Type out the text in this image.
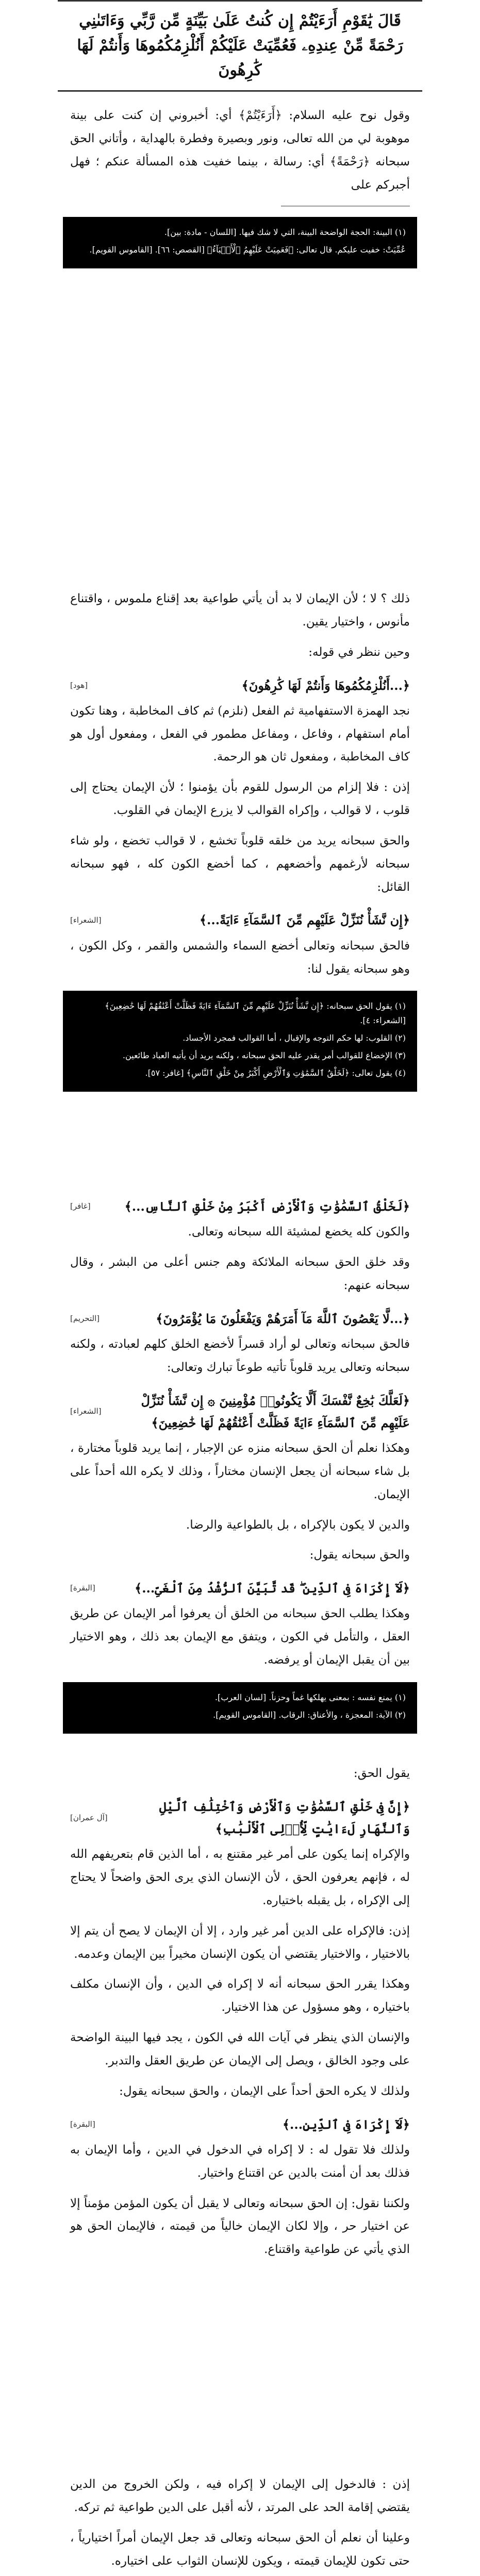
قَالَ يَٰقَوْمِ أَرَءَيْتُمْ إِن كُنتُ عَلَىٰ بَيِّنَةٍ مِّن رَّبِّي وَءَاتَىٰنِي رَحْمَةً مِّنْ عِندِهِۦ فَعُمِّيَتْ عَلَيْكُمْ أَنُلْزِمُكُمُوهَا وَأَنتُمْ لَهَا كَٰرِهُونَ

وقول نوح عليه السلام: ﴿أَرَءَيْتُمْ﴾ أي: أخبروني إن كنت على بينة موهوبة لي من الله تعالى، ونور وبصيرة وفطرة بالهداية ، وأتاني الحق سبحانه ﴿رَحْمَةً﴾ أي: رسالة ، بينما خفيت هذه المسألة عنكم ؛ فهل أجبركم على

(١) البينة: الحجة الواضحة البينة، التي لا شك فيها. [اللسان - مادة: بين].

عُمِّيَتْ: خفيت عليكم. قال تعالى: ﴿فَعَمِيَتْ عَلَيْهِمُ ٱلْأَنۢبَآءُ﴾ [القصص: ٦٦]. [القاموس القويم].

ذلك ؟ لا ؛ لأن الإيمان لا بد أن يأتي طواعية بعد إقناع ملموس ، واقتناع مأنوس ، واختيار يقين.

وحين ننظر في قوله:

﴿...أَنُلْزِمُكُمُوهَا وَأَنتُمْ لَهَا كَٰرِهُونَ﴾
[هود]

نجد الهمزة الاستفهامية ثم الفعل (نلزم) ثم كاف المخاطبة ، وهنا تكون أمام استفهام ، وفاعل ، ومفاعل مطمور في الفعل ، ومفعول أول هو كاف المخاطبة ، ومفعول ثان هو الرحمة.

إذن : فلا إلزام من الرسول للقوم بأن يؤمنوا ؛ لأن الإيمان يحتاج إلى قلوب ، لا قوالب ، وإكراه القوالب لا يزرع الإيمان في القلوب.

والحق سبحانه يريد من خلقه قلوباً تخشع ، لا قوالب تخضع ، ولو شاء سبحانه لأرغمهم وأخضعهم ، كما أخضع الكون كله ، فهو سبحانه القائل:

﴿إِن نَّشَأْ نُنَزِّلْ عَلَيْهِم مِّنَ ٱلسَّمَآءِ ءَايَةً...﴾
[الشعراء]

فالحق سبحانه وتعالى أخضع السماء والشمس والقمر ، وكل الكون ، وهو سبحانه يقول لنا:

(١) يقول الحق سبحانه: ﴿إِن نَّشَأْ نُنَزِّلْ عَلَيْهِم مِّنَ ٱلسَّمَآءِ ءَايَةً فَظَلَّتْ أَعْنَٰقُهُمْ لَهَا خَٰضِعِينَ﴾ [الشعراء: ٤].

(٢) القلوب: لها حكم التوجه والإقبال ، أما القوالب فمجرد الأجساد.

(٣) الإخضاع للقوالب أمر يقدر عليه الحق سبحانه ، ولكنه يريد أن يأتيه العباد طائعين.

(٤) يقول تعالى: ﴿لَخَلْقُ ٱلسَّمَٰوَٰتِ وَٱلْأَرْضِ أَكْبَرُ مِنْ خَلْقِ ٱلنَّاسِ﴾ [غافر: ٥٧].

﴿لَخَلْقُ ٱلسَّمَٰوَٰتِ وَٱلْأَرْضِ أَكْبَرُ مِنْ خَلْقِ ٱلنَّاسِ...﴾
[غافر]

والكون كله يخضع لمشيئة الله سبحانه وتعالى.

وقد خلق الحق سبحانه الملائكة وهم جنس أعلى من البشر ، وقال سبحانه عنهم:

﴿...لَّا يَعْصُونَ ٱللَّهَ مَآ أَمَرَهُمْ وَيَفْعَلُونَ مَا يُؤْمَرُونَ﴾
[التحريم]

فالحق سبحانه وتعالى لو أراد قسراً لأخضع الخلق كلهم لعبادته ، ولكنه سبحانه وتعالى يريد قلوباً تأتيه طوعاً تبارك وتعالى:

﴿لَعَلَّكَ بَٰخِعٌ نَّفْسَكَ أَلَّا يَكُونُوا۟ مُؤْمِنِينَ ۞ إِن نَّشَأْ نُنَزِّلْ عَلَيْهِم مِّنَ ٱلسَّمَآءِ ءَايَةً فَظَلَّتْ أَعْنَٰقُهُمْ لَهَا خَٰضِعِينَ﴾
[الشعراء]

وهكذا نعلم أن الحق سبحانه منزه عن الإجبار ، إنما يريد قلوباً مختارة ، بل شاء سبحانه أن يجعل الإنسان مختاراً ، وذلك لا يكره الله أحداً على الإيمان.

والدين لا يكون بالإكراه ، بل بالطواعية والرضا.

والحق سبحانه يقول:

﴿لَآ إِكْرَاهَ فِى ٱلدِّينِ ۖ قَد تَّبَيَّنَ ٱلرُّشْدُ مِنَ ٱلْغَىِّ...﴾
[البقرة]

وهكذا يطلب الحق سبحانه من الخلق أن يعرفوا أمر الإيمان عن طريق العقل ، والتأمل في الكون ، ويتفق مع الإيمان بعد ذلك ، وهو الاختيار بين أن يقبل الإيمان أو يرفضه.

(١) يمنع نفسه : بمعنى يهلكها غماً وحزناً. [لسان العرب].

(٢) الآية: المعجزة ، والأعناق: الرقاب. [القاموس القويم].

يقول الحق:

﴿إِنَّ فِى خَلْقِ ٱلسَّمَٰوَٰتِ وَٱلْأَرْضِ وَٱخْتِلَٰفِ ٱلَّيْلِ وَٱلنَّهَارِ لَءَايَٰتٍ لِّأُو۟لِى ٱلْأَلْبَٰبِ﴾
[آل عمران]

والإكراه إنما يكون على أمر غير مقتنع به ، أما الذين قام بتعريفهم الله له ، فإنهم يعرفون الحق ، لأن الإنسان الذي يرى الحق واضحاً لا يحتاج إلى الإكراه ، بل يقبله باختياره.

إذن: فالإكراه على الدين أمر غير وارد ، إلا أن الإيمان لا يصح أن يتم إلا بالاختيار ، والاختيار يقتضي أن يكون الإنسان مخيراً بين الإيمان وعدمه.

وهكذا يقرر الحق سبحانه أنه لا إكراه في الدين ، وأن الإنسان مكلف باختياره ، وهو مسؤول عن هذا الاختيار.

والإنسان الذي ينظر في آيات الله في الكون ، يجد فيها البينة الواضحة على وجود الخالق ، ويصل إلى الإيمان عن طريق العقل والتدبر.

ولذلك لا يكره الحق أحداً على الإيمان ، والحق سبحانه يقول:

﴿لَآ إِكْرَاهَ فِى ٱلدِّينِ...﴾
[البقرة]

ولذلك فلا تقول له : لا إكراه في الدخول في الدين ، وأما الإيمان به فذلك بعد أن أمنت بالدين عن اقتناع واختيار.

ولكننا نقول: إن الحق سبحانه وتعالى لا يقبل أن يكون المؤمن مؤمناً إلا عن اختيار حر ، وإلا لكان الإيمان خالياً من قيمته ، فالإيمان الحق هو الذي يأتي عن طواعية واقتناع.

إذن : فالدخول إلى الإيمان لا إكراه فيه ، ولكن الخروج من الدين يقتضي إقامة الحد على المرتد ، لأنه أقبل على الدين طواعية ثم تركه.

وعلينا أن نعلم أن الحق سبحانه وتعالى قد جعل الإيمان أمراً اختيارياً ، حتى تكون للإيمان قيمته ، ويكون للإنسان الثواب على اختياره.
